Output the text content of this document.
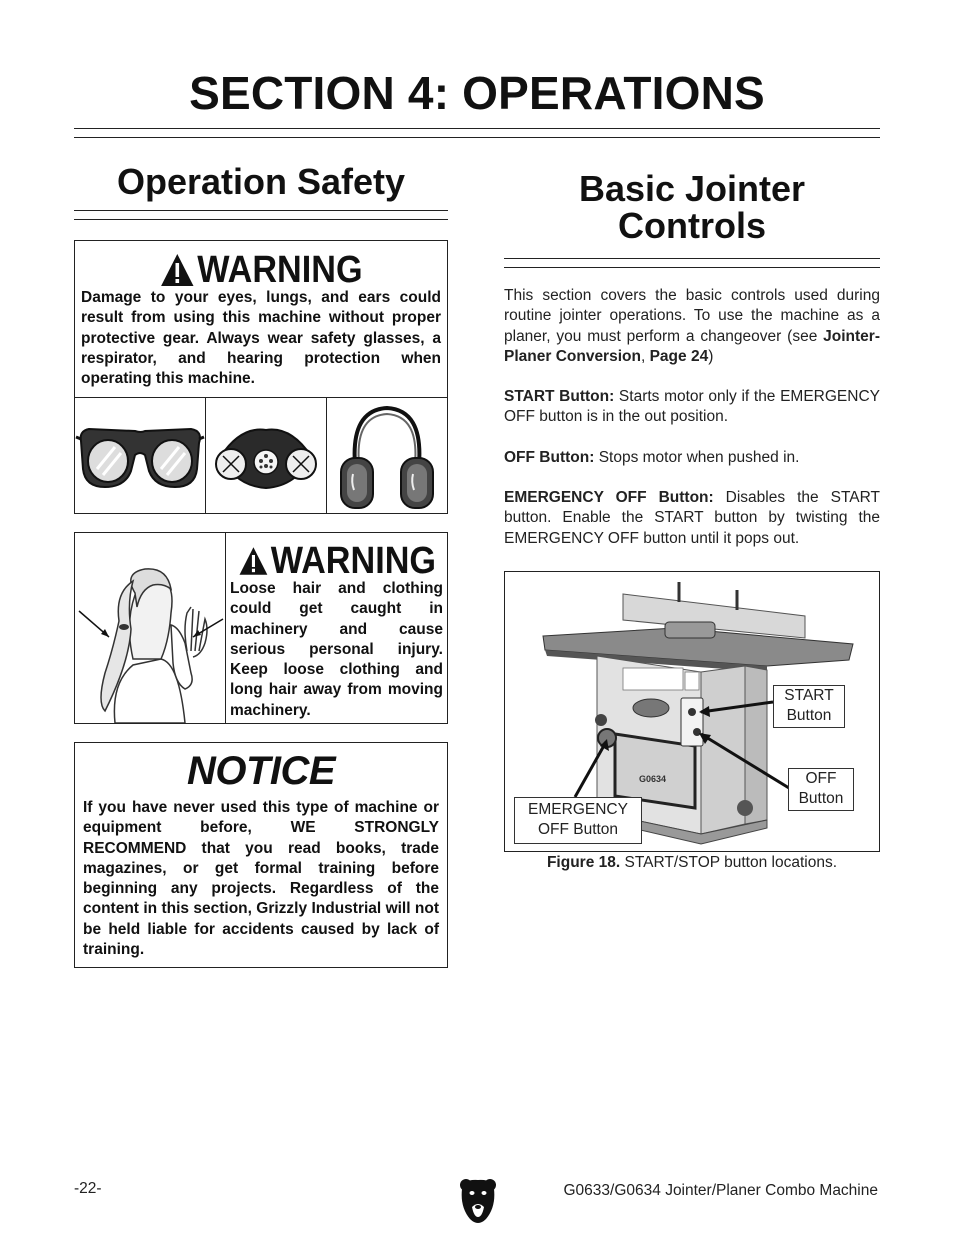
SECTION 4: OPERATIONS
Operation Safety
WARNING
Damage to your eyes, lungs, and ears could result from using this machine without proper protective gear. Always wear safety glasses, a respirator, and hearing protection when operating this machine.
WARNING
Loose hair and clothing could get caught in machinery and cause serious personal injury. Keep loose clothing and long hair away from moving machinery.
NOTICE
If you have never used this type of machine or equipment before, WE STRONGLY RECOMMEND that you read books, trade magazines, or get formal training before beginning any projects. Regardless of the content in this section, Grizzly Industrial will not be held liable for accidents caused by lack of training.
Basic Jointer
Controls
This section covers the basic controls used during routine jointer operations. To use the machine as a planer, you must perform a changeover (see Jointer-Planer Conversion, Page 24)
START Button: Starts motor only if the EMERGENCY OFF button is in the out position.
OFF Button: Stops motor when pushed in.
EMERGENCY OFF Button: Disables the START button. Enable the START button by twisting the EMERGENCY OFF button until it pops out.
G0634
START
Button
OFF
Button
EMERGENCY
OFF Button
Figure 18. START/STOP button locations.
-22-	G0633/G0634 Jointer/Planer Combo Machine
